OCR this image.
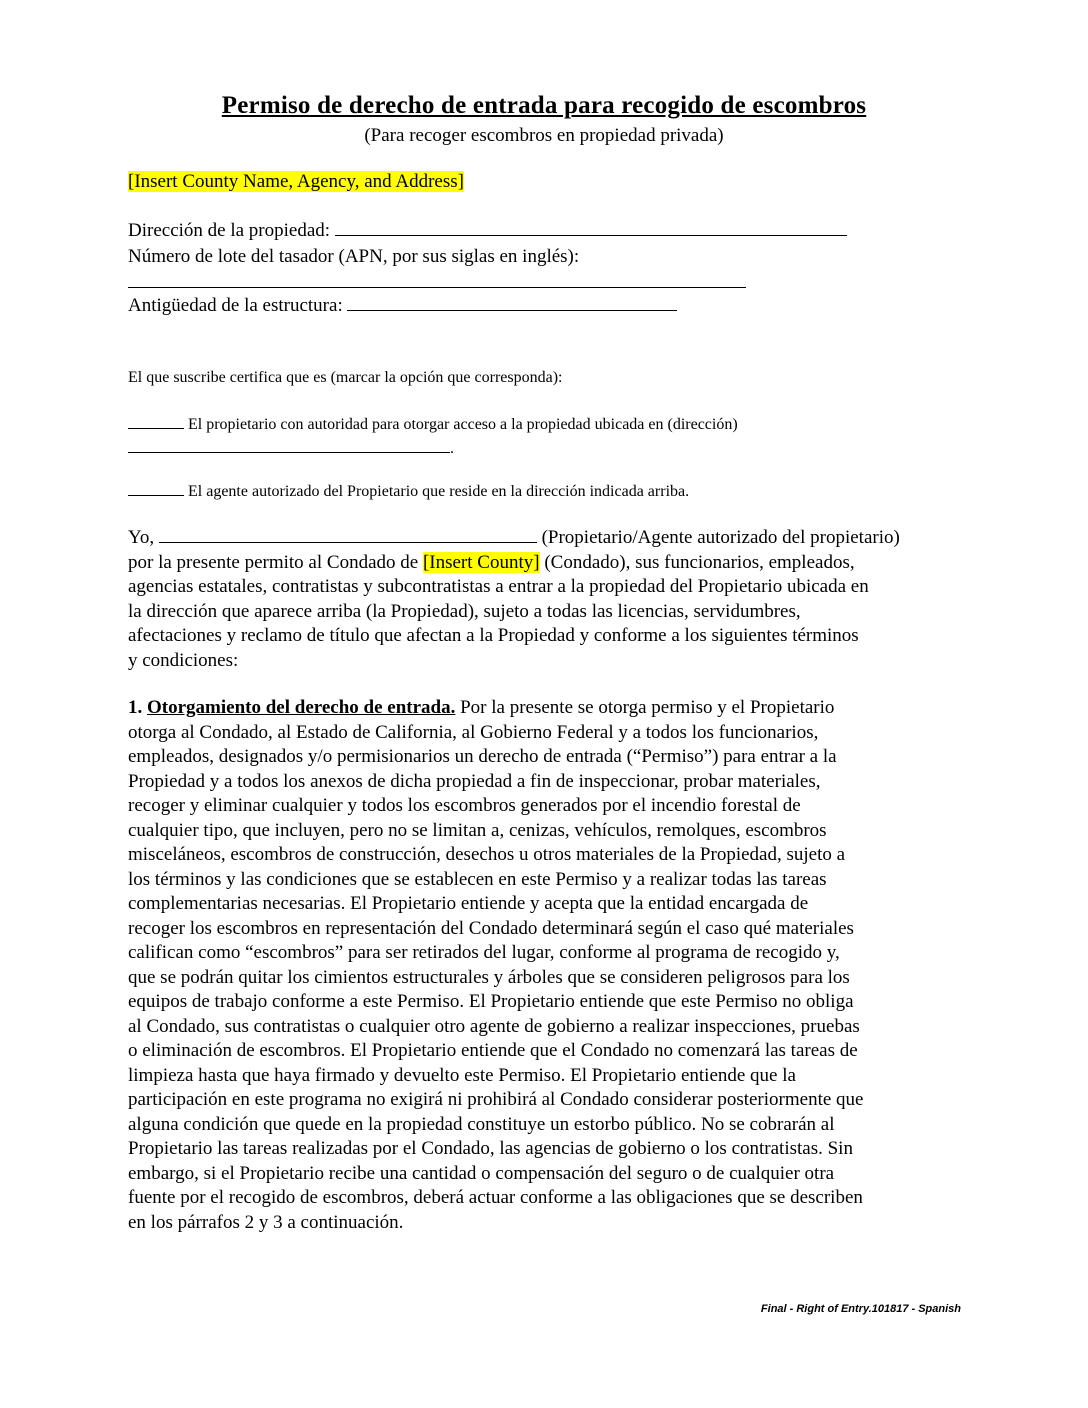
Permiso de derecho de entrada para recogido de escombros
(Para recoger escombros en propiedad privada)
[Insert County Name, Agency, and Address]
Dirección de la propiedad:
Número de lote del tasador (APN, por sus siglas en inglés):
Antigüedad de la estructura:
El que suscribe certifica que es (marcar la opción que corresponda):
El propietario con autoridad para otorgar acceso a la propiedad ubicada en (dirección)
.
El agente autorizado del Propietario que reside en la dirección indicada arriba.
Yo,	(Propietario/Agente autorizado del propietario)
por la presente permito al Condado de [Insert County] (Condado), sus funcionarios, empleados,
agencias estatales, contratistas y subcontratistas a entrar a la propiedad del Propietario ubicada en
la dirección que aparece arriba (la Propiedad), sujeto a todas las licencias, servidumbres,
afectaciones y reclamo de título que afectan a la Propiedad y conforme a los siguientes términos
y condiciones:
1. Otorgamiento del derecho de entrada. Por la presente se otorga permiso y el Propietario
otorga al Condado, al Estado de California, al Gobierno Federal y a todos los funcionarios,
empleados, designados y/o permisionarios un derecho de entrada (“Permiso”) para entrar a la
Propiedad y a todos los anexos de dicha propiedad a fin de inspeccionar, probar materiales,
recoger y eliminar cualquier y todos los escombros generados por el incendio forestal de
cualquier tipo, que incluyen, pero no se limitan a, cenizas, vehículos, remolques, escombros
misceláneos, escombros de construcción, desechos u otros materiales de la Propiedad, sujeto a
los términos y las condiciones que se establecen en este Permiso y a realizar todas las tareas
complementarias necesarias. El Propietario entiende y acepta que la entidad encargada de
recoger los escombros en representación del Condado determinará según el caso qué materiales
califican como “escombros” para ser retirados del lugar, conforme al programa de recogido y,
que se podrán quitar los cimientos estructurales y árboles que se consideren peligrosos para los
equipos de trabajo conforme a este Permiso. El Propietario entiende que este Permiso no obliga
al Condado, sus contratistas o cualquier otro agente de gobierno a realizar inspecciones, pruebas
o eliminación de escombros. El Propietario entiende que el Condado no comenzará las tareas de
limpieza hasta que haya firmado y devuelto este Permiso. El Propietario entiende que la
participación en este programa no exigirá ni prohibirá al Condado considerar posteriormente que
alguna condición que quede en la propiedad constituye un estorbo público. No se cobrarán al
Propietario las tareas realizadas por el Condado, las agencias de gobierno o los contratistas. Sin
embargo, si el Propietario recibe una cantidad o compensación del seguro o de cualquier otra
fuente por el recogido de escombros, deberá actuar conforme a las obligaciones que se describen
en los párrafos 2 y 3 a continuación.
Final - Right of Entry.101817 - Spanish
